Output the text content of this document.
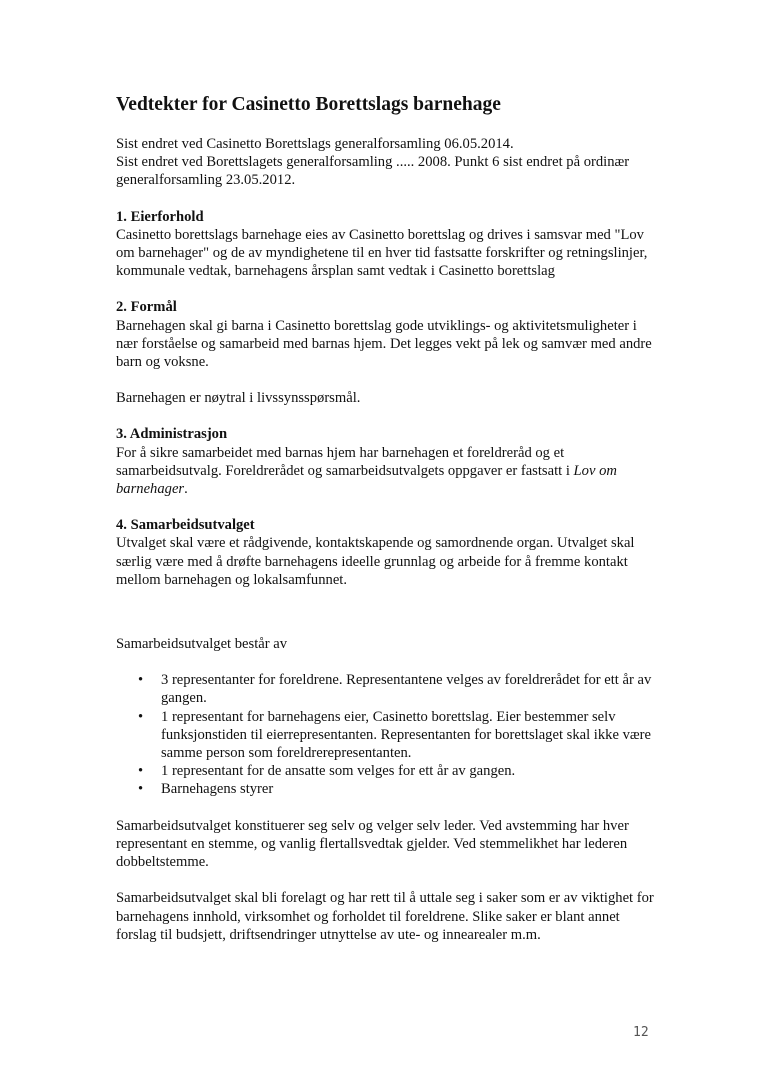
Vedtekter for Casinetto Borettslags barnehage

Sist endret ved Casinetto Borettslags generalforsamling 06.05.2014.

Sist endret ved Borettslagets generalforsamling ..... 2008. Punkt 6 sist endret på ordinær generalforsamling 23.05.2012.

1. Eierforhold

Casinetto borettslags barnehage eies av Casinetto borettslag og drives i samsvar med "Lov om barnehager" og de av myndighetene til en hver tid fastsatte forskrifter og retningslinjer, kommunale vedtak, barnehagens årsplan samt vedtak i Casinetto borettslag

2. Formål

Barnehagen skal gi barna i Casinetto borettslag gode utviklings- og aktivitetsmuligheter i nær forståelse og samarbeid med barnas hjem. Det legges vekt på lek og samvær med andre barn og voksne.

Barnehagen er nøytral i livssynsspørsmål.

3. Administrasjon

For å sikre samarbeidet med barnas hjem har barnehagen et foreldreråd og et samarbeidsutvalg. Foreldrerådet og samarbeidsutvalgets oppgaver er fastsatt i Lov om barnehager.

4. Samarbeidsutvalget

Utvalget skal være et rådgivende, kontaktskapende og samordnende organ. Utvalget skal særlig være med å drøfte barnehagens ideelle grunnlag og arbeide for å fremme kontakt mellom barnehagen og lokalsamfunnet.

Samarbeidsutvalget består av

• 3 representanter for foreldrene. Representantene velges av foreldrerådet for ett år av gangen.
• 1 representant for barnehagens eier, Casinetto borettslag. Eier bestemmer selv funksjonstiden til eierrepresentanten. Representanten for borettslaget skal ikke være samme person som foreldrerepresentanten.
• 1 representant for de ansatte som velges for ett år av gangen.
• Barnehagens styrer

Samarbeidsutvalget konstituerer seg selv og velger selv leder. Ved avstemming har hver representant en stemme, og vanlig flertallsvedtak gjelder. Ved stemmelikhet har lederen dobbeltstemme.

Samarbeidsutvalget skal bli forelagt og har rett til å uttale seg i saker som er av viktighet for barnehagens innhold, virksomhet og forholdet til foreldrene. Slike saker er blant annet forslag til budsjett, driftsendringer utnyttelse av ute- og innearealer m.m.

12
